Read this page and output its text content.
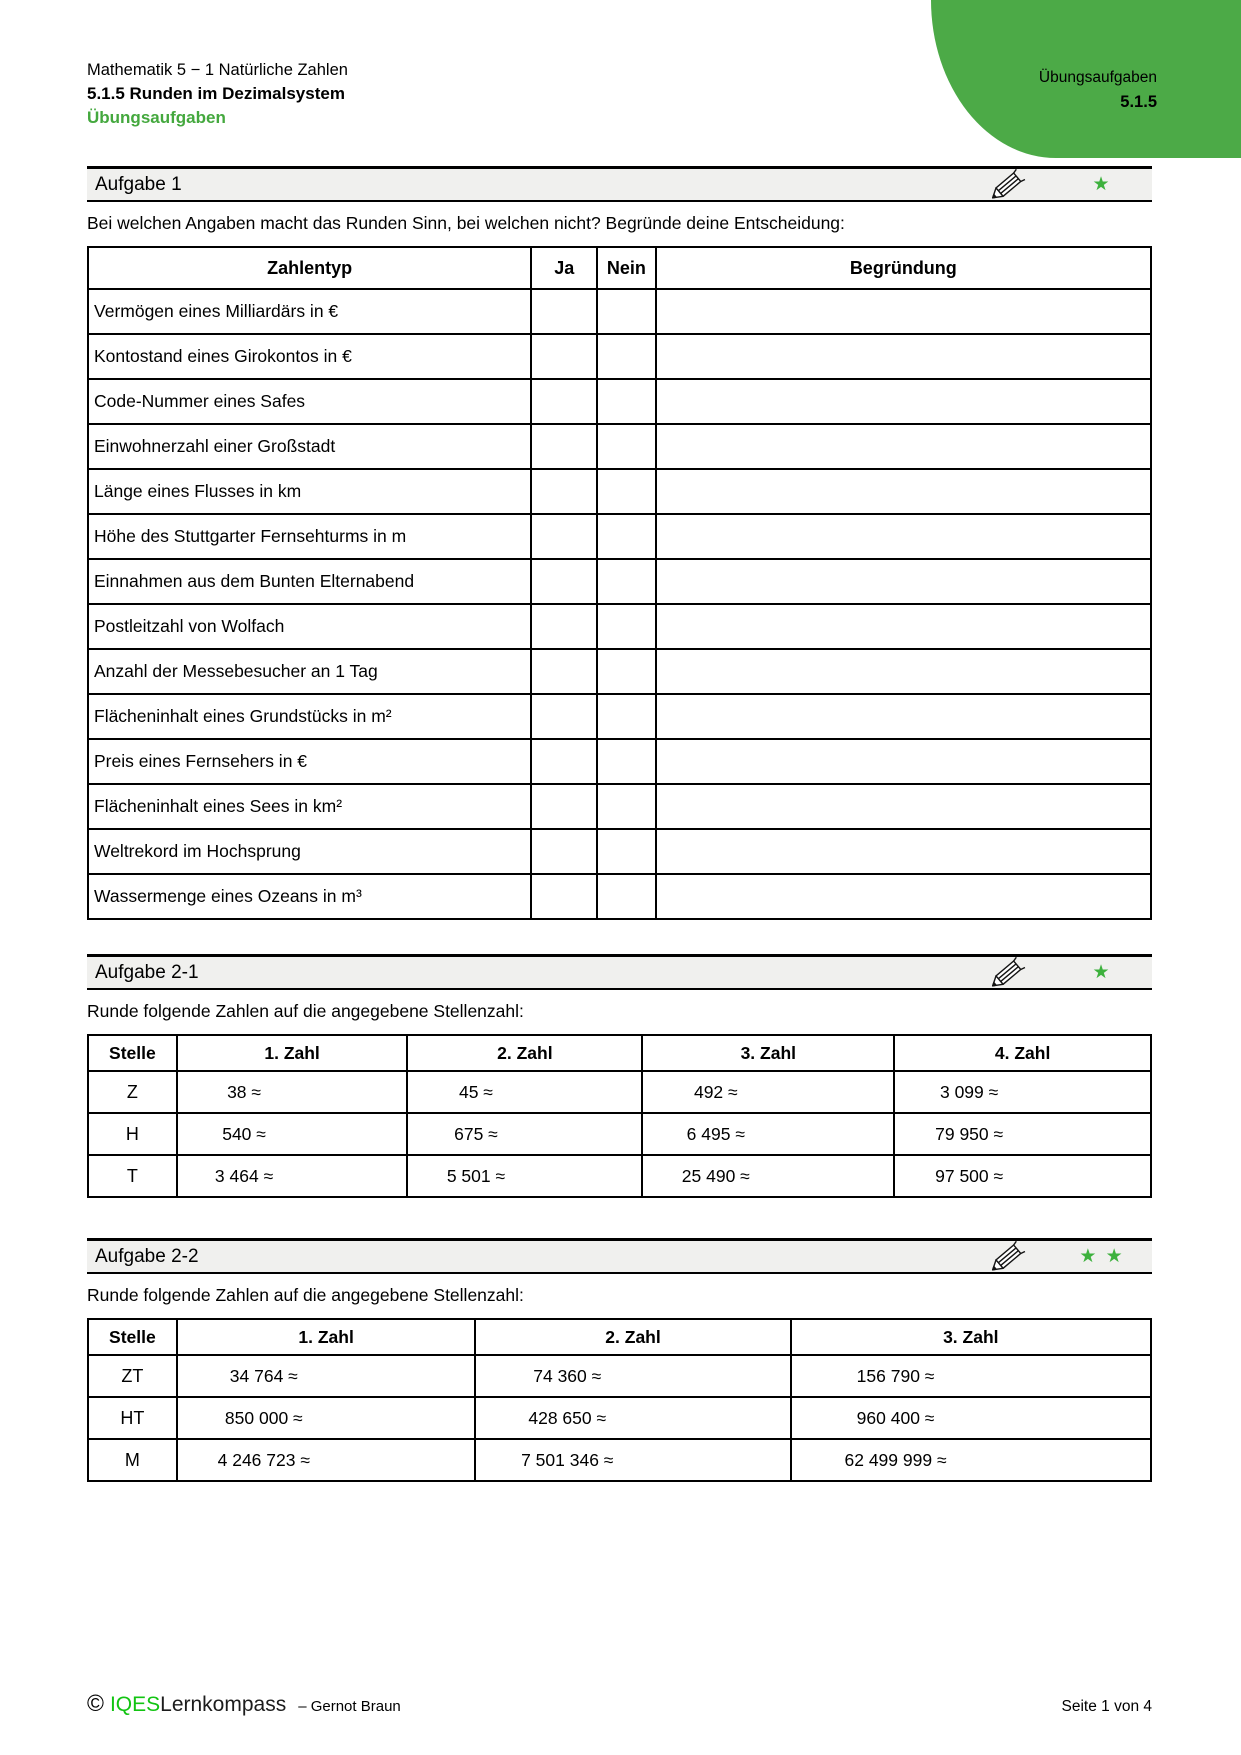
Übungsaufgaben
5.1.5
Mathematik 5 − 1 Natürliche Zahlen
5.1.5 Runden im Dezimalsystem
Übungsaufgaben
Aufgabe 1	★

Bei welchen Angaben macht das Runden Sinn, bei welchen nicht? Begründe deine Entscheidung:

Zahlentyp	Ja	Nein	Begründung
Vermögen eines Milliardärs in €			
Kontostand eines Girokontos in €			
Code-Nummer eines Safes			
Einwohnerzahl einer Großstadt			
Länge eines Flusses in km			
Höhe des Stuttgarter Fernsehturms in m			
Einnahmen aus dem Bunten Elternabend			
Postleitzahl von Wolfach			
Anzahl der Messebesucher an 1 Tag			
Flächeninhalt eines Grundstücks in m²			
Preis eines Fernsehers in €			
Flächeninhalt eines Sees in km²			
Weltrekord im Hochsprung			
Wassermenge eines Ozeans in m³			
Aufgabe 2-1	★

Runde folgende Zahlen auf die angegebene Stellenzahl:

Stelle	1. Zahl	2. Zahl	3. Zahl	4. Zahl
Z	38 ≈	45 ≈	492 ≈	3 099 ≈

H	540 ≈	675 ≈	6 495 ≈	79 950 ≈

T	3 464 ≈	5 501 ≈	25 490 ≈	97 500 ≈
Aufgabe 2-2	★ ★

Runde folgende Zahlen auf die angegebene Stellenzahl:

Stelle	1. Zahl	2. Zahl	3. Zahl
ZT	34 764 ≈	74 360 ≈	156 790 ≈

HT	850 000 ≈	428 650 ≈	960 400 ≈

M	4 246 723 ≈	7 501 346 ≈	62 499 999 ≈
© IQES Lernkompass – Gernot Braun	Seite 1 von 4
